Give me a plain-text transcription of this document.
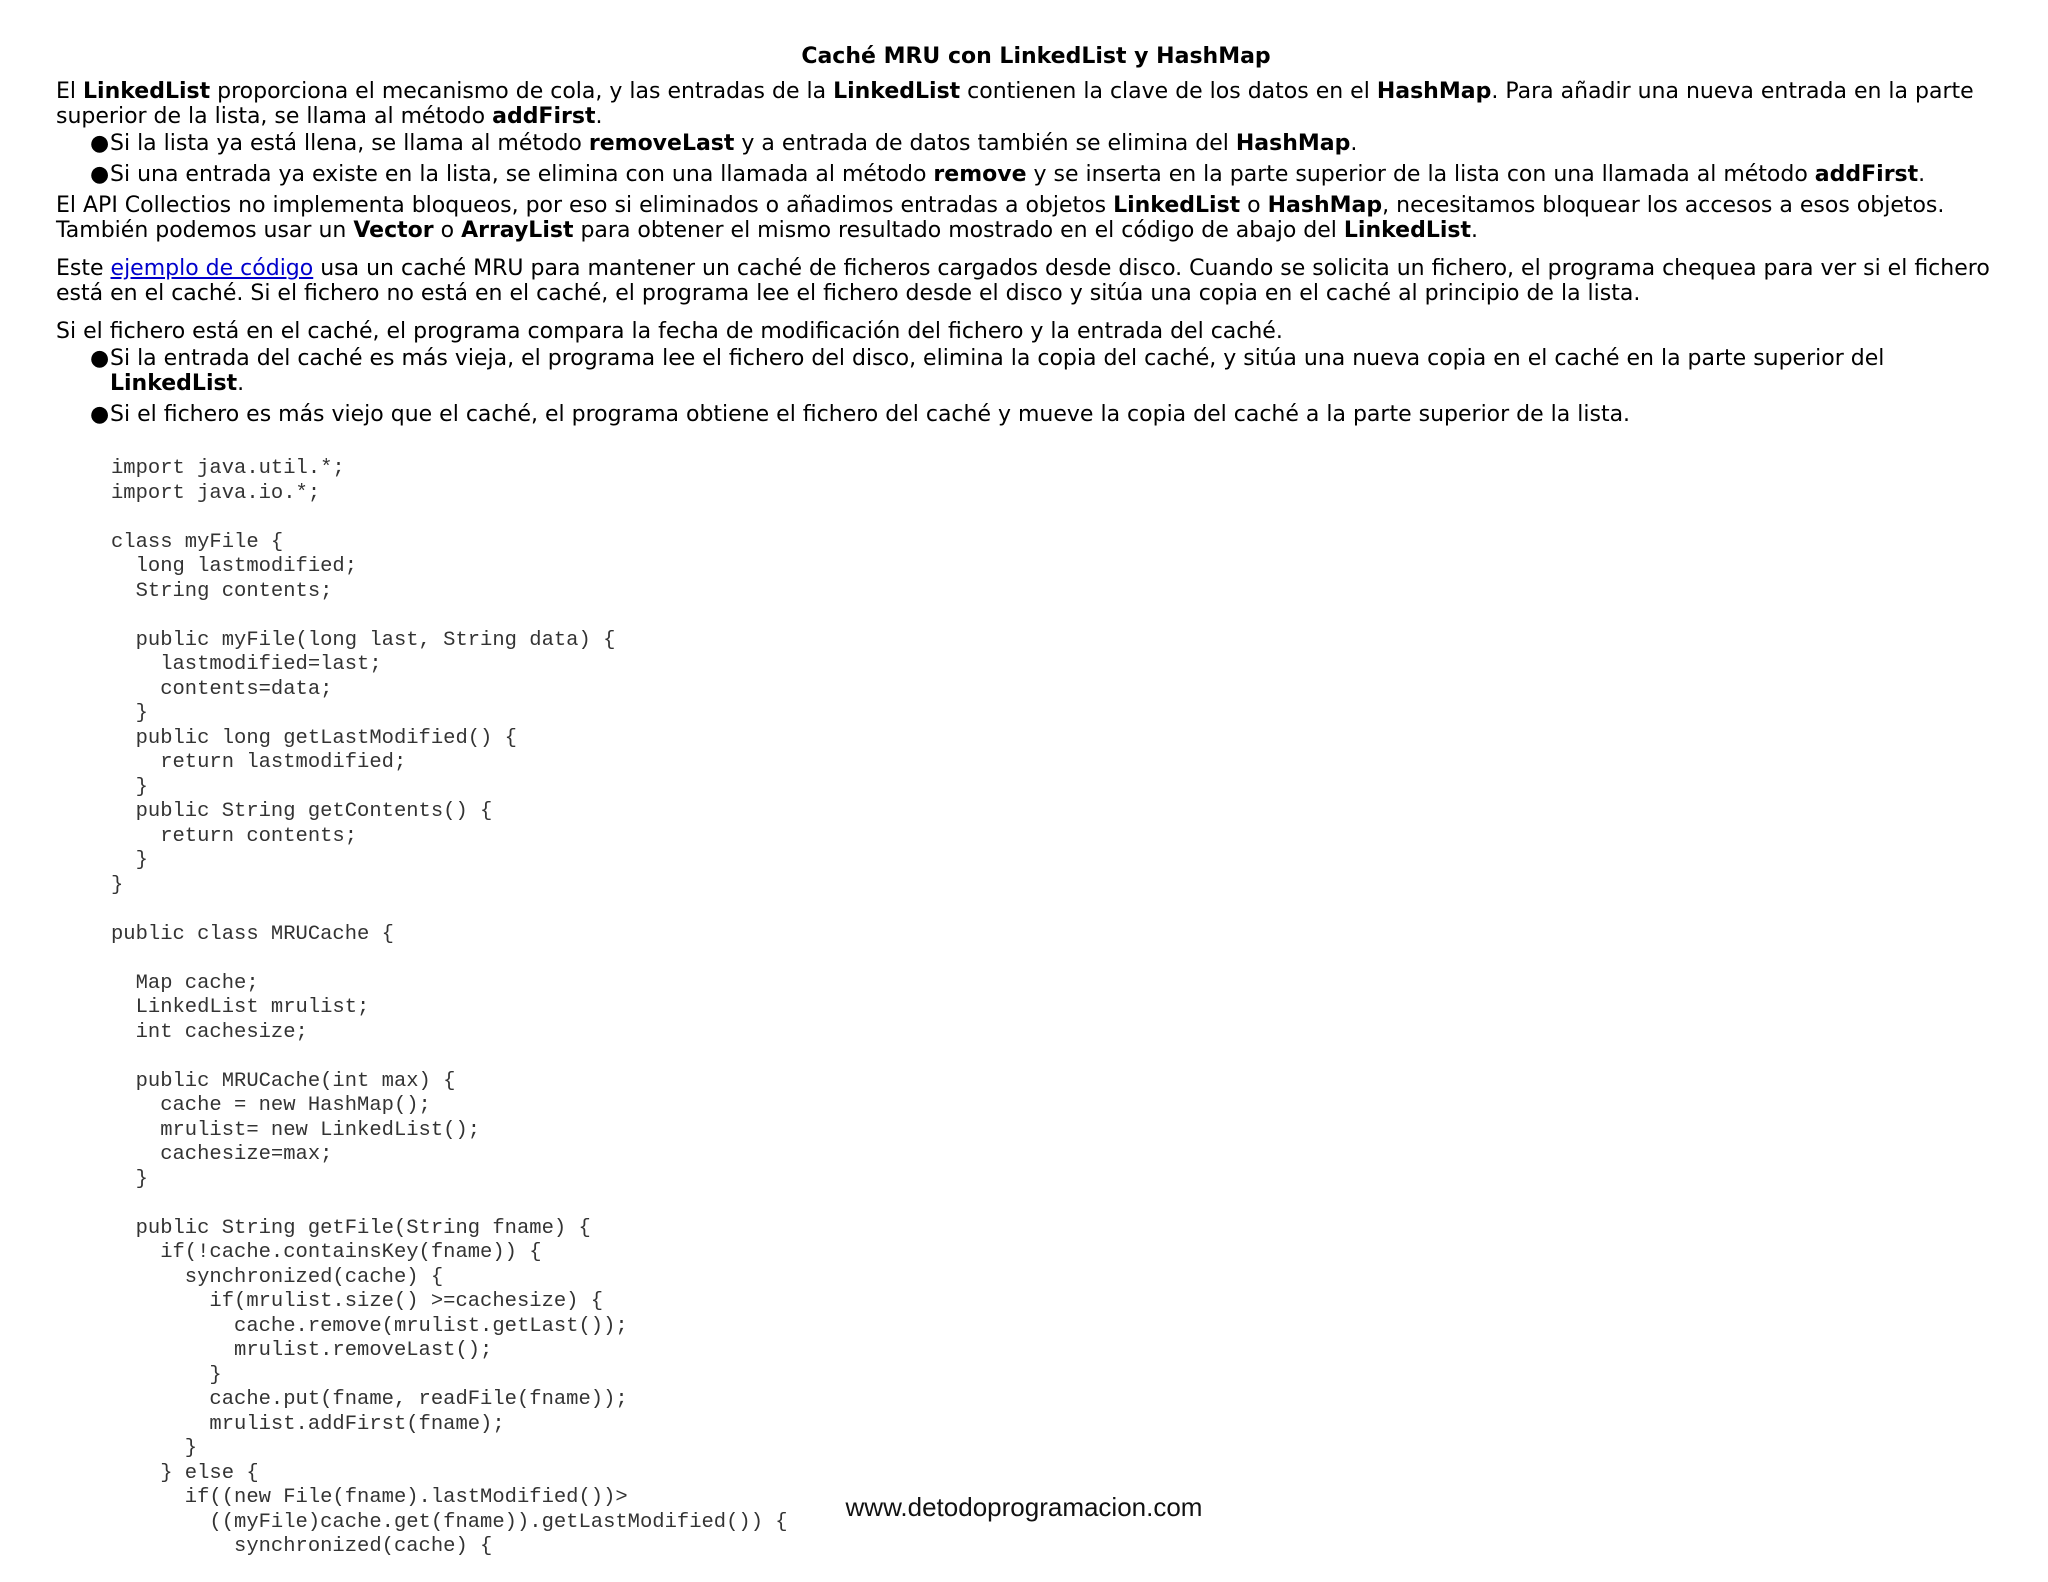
Caché MRU con LinkedList y HashMap

El LinkedList proporciona el mecanismo de cola, y las entradas de la LinkedList contienen la clave de los datos en el HashMap. Para añadir una nueva entrada en la parte superior de la lista, se llama al método addFirst.

● Si la lista ya está llena, se llama al método removeLast y a entrada de datos también se elimina del HashMap.
● Si una entrada ya existe en la lista, se elimina con una llamada al método remove y se inserta en la parte superior de la lista con una llamada al método addFirst.

El API Collectios no implementa bloqueos, por eso si eliminados o añadimos entradas a objetos LinkedList o HashMap, necesitamos bloquear los accesos a esos objetos. También podemos usar un Vector o ArrayList para obtener el mismo resultado mostrado en el código de abajo del LinkedList.

Este ejemplo de código usa un caché MRU para mantener un caché de ficheros cargados desde disco. Cuando se solicita un fichero, el programa chequea para ver si el fichero está en el caché. Si el fichero no está en el caché, el programa lee el fichero desde el disco y sitúa una copia en el caché al principio de la lista.

Si el fichero está en el caché, el programa compara la fecha de modificación del fichero y la entrada del caché.

● Si la entrada del caché es más vieja, el programa lee el fichero del disco, elimina la copia del caché, y sitúa una nueva copia en el caché en la parte superior del LinkedList.
● Si el fichero es más viejo que el caché, el programa obtiene el fichero del caché y mueve la copia del caché a la parte superior de la lista.
import java.util.*;
import java.io.*;

class myFile {
long lastmodified;
String contents;

public myFile(long last, String data) {
lastmodified=last;
contents=data;
}
public long getLastModified() {
return lastmodified;
}
public String getContents() {
return contents;
}
}

public class MRUCache {

Map cache;
LinkedList mrulist;
int cachesize;

public MRUCache(int max) {
cache = new HashMap();
mrulist= new LinkedList();
cachesize=max;
}

public String getFile(String fname) {
if(!cache.containsKey(fname)) {
synchronized(cache) {
if(mrulist.size() >=cachesize) {
cache.remove(mrulist.getLast());
mrulist.removeLast();
}
cache.put(fname, readFile(fname));
mrulist.addFirst(fname);
}
} else {
if((new File(fname).lastModified())>
((myFile)cache.get(fname)).getLastModified()) {
synchronized(cache) {
www.detodoprogramacion.com
